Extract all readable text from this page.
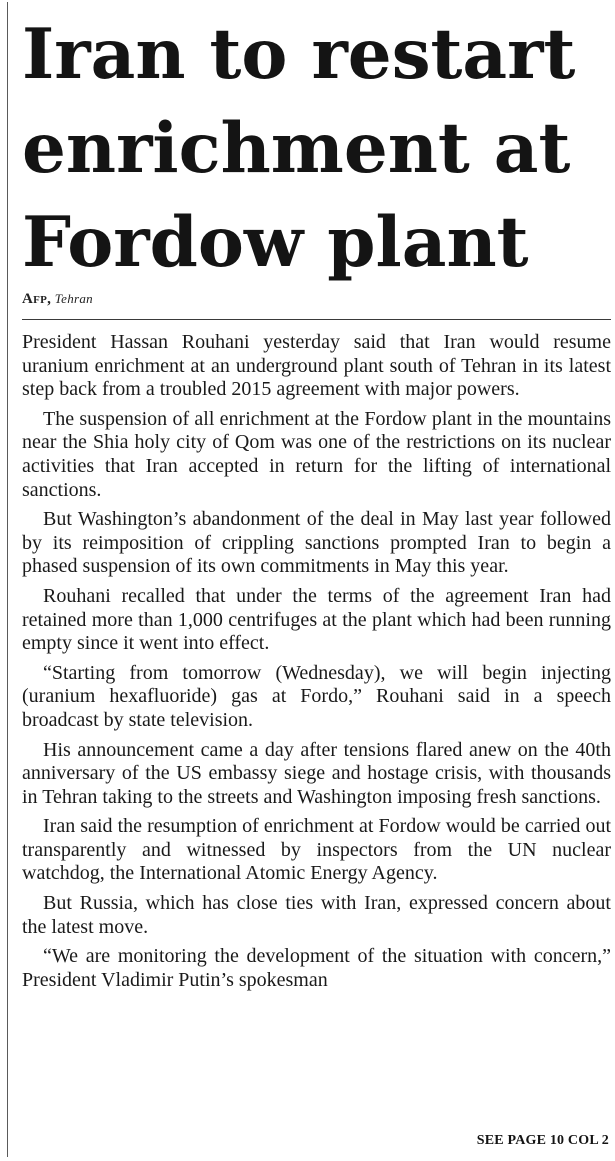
Iran to restart
enrichment at
Fordow plant
Afp, Tehran

President Hassan Rouhani yesterday said that Iran would resume uranium enrichment at an underground plant south of Tehran in its latest step back from a troubled 2015 agreement with major powers.

The suspension of all enrichment at the Fordow plant in the mountains near the Shia holy city of Qom was one of the restrictions on its nuclear activities that Iran accepted in return for the lifting of international sanctions.

But Washington’s abandonment of the deal in May last year followed by its reimposition of crippling sanctions prompted Iran to begin a phased suspension of its own commitments in May this year.

Rouhani recalled that under the terms of the agreement Iran had retained more than 1,000 centrifuges at the plant which had been running empty since it went into effect.

“Starting from tomorrow (Wednesday), we will begin injecting (uranium hexafluoride) gas at Fordo,” Rouhani said in a speech broadcast by state television.

His announcement came a day after tensions flared anew on the 40th anniversary of the US embassy siege and hostage crisis, with thousands in Tehran taking to the streets and Washington imposing fresh sanctions.

Iran said the resumption of enrichment at Fordow would be carried out transparently and witnessed by inspectors from the UN nuclear watchdog, the International Atomic Energy Agency.

But Russia, which has close ties with Iran, expressed concern about the latest move.

“We are monitoring the development of the situation with concern,” President Vladimir Putin’s spokesman

SEE PAGE 10 COL 2
